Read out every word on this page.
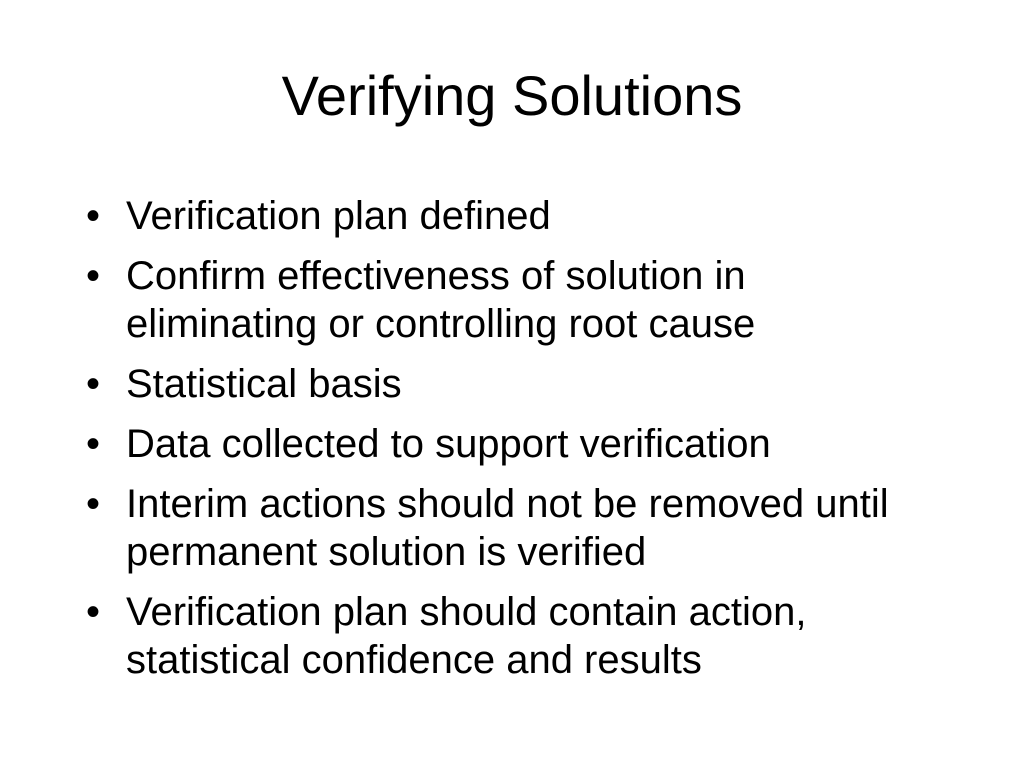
Verifying Solutions
• Verification plan defined
• Confirm effectiveness of solution in eliminating or controlling root cause
• Statistical basis
• Data collected to support verification
• Interim actions should not be removed until permanent solution is verified
• Verification plan should contain action, statistical confidence and results
